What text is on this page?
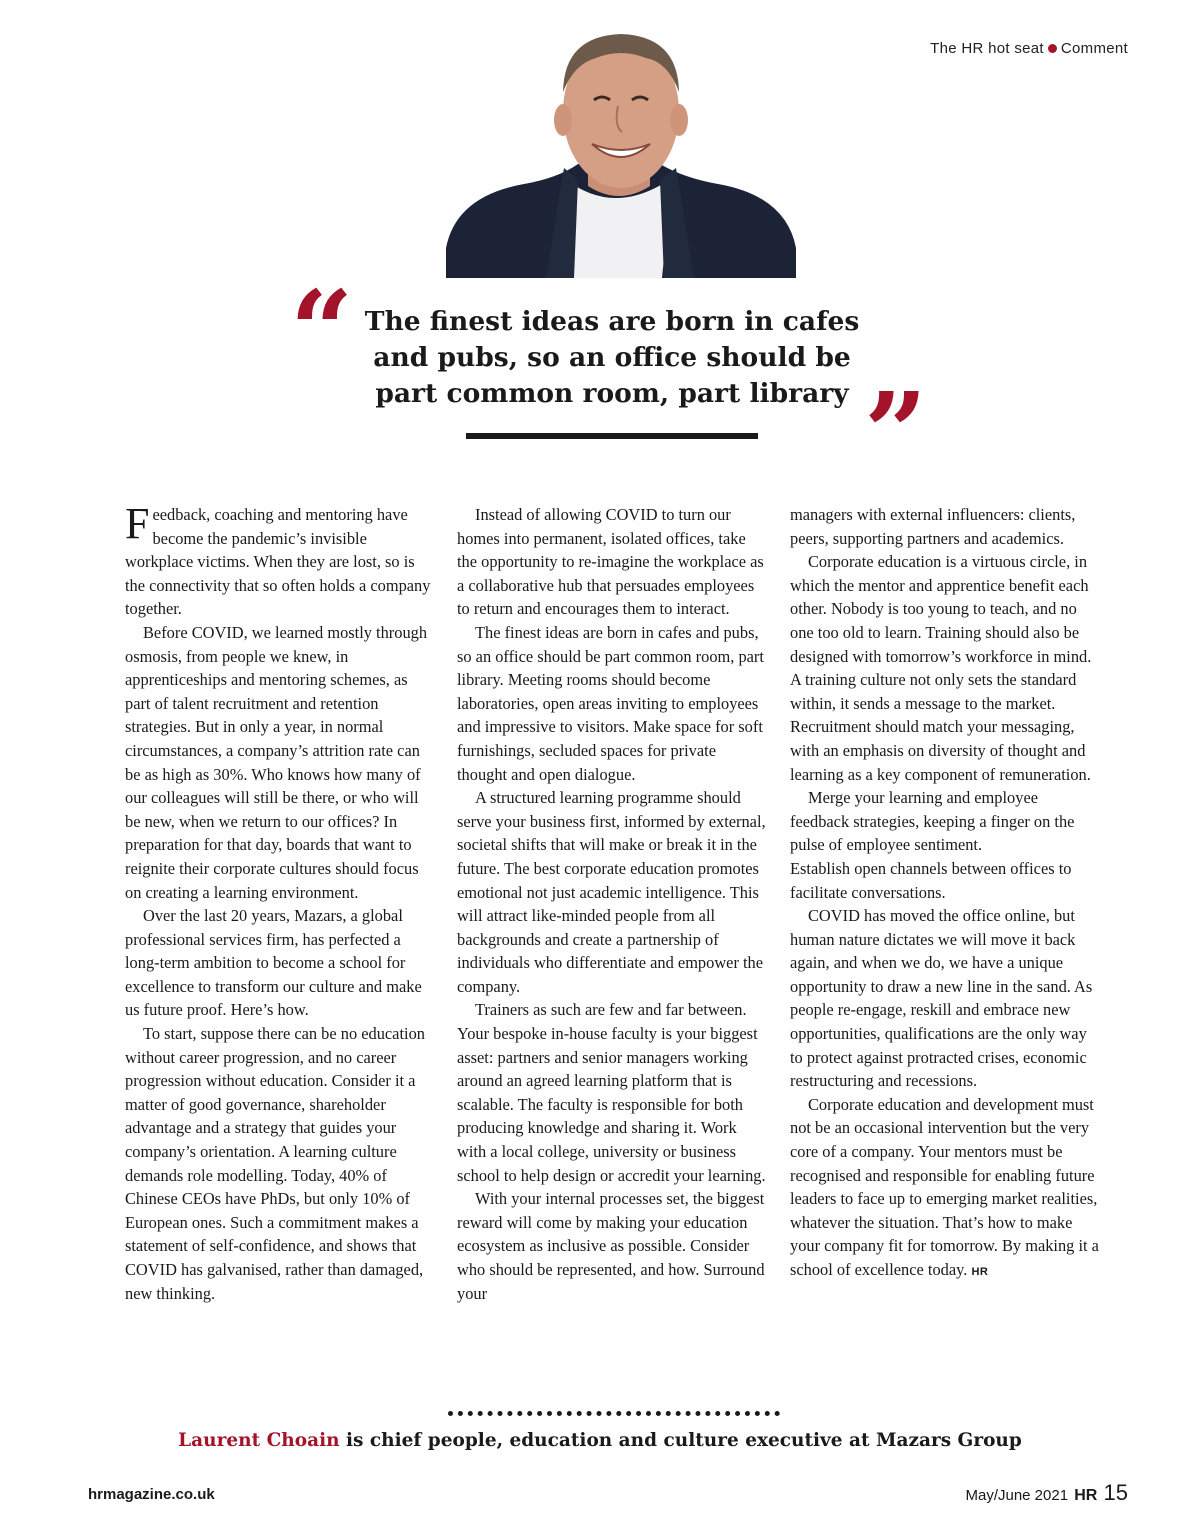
The HR hot seat Comment
“ The finest ideas are born in cafes and pubs, so an office should be part common room, part library ”

Feedback, coaching and mentoring have become the pandemic’s invisible workplace victims. When they are lost, so is the connectivity that so often holds a company together.

Before COVID, we learned mostly through osmosis, from people we knew, in apprenticeships and mentoring schemes, as part of talent recruitment and retention strategies. But in only a year, in normal circumstances, a company’s attrition rate can be as high as 30%. Who knows how many of our colleagues will still be there, or who will be new, when we return to our offices? In preparation for that day, boards that want to reignite their corporate cultures should focus on creating a learning environment.

Over the last 20 years, Mazars, a global professional services firm, has perfected a long-term ambition to become a school for excellence to transform our culture and make us future proof. Here’s how.

To start, suppose there can be no education without career progression, and no career progression without education. Consider it a matter of good governance, shareholder advantage and a strategy that guides your company’s orientation. A learning culture demands role modelling. Today, 40% of Chinese CEOs have PhDs, but only 10% of European ones. Such a commitment makes a statement of self-confidence, and shows that COVID has galvanised, rather than damaged, new thinking.

Instead of allowing COVID to turn our homes into permanent, isolated offices, take the opportunity to re-imagine the workplace as a collaborative hub that persuades employees to return and encourages them to interact.

The finest ideas are born in cafes and pubs, so an office should be part common room, part library. Meeting rooms should become laboratories, open areas inviting to employees and impressive to visitors. Make space for soft furnishings, secluded spaces for private thought and open dialogue.

A structured learning programme should serve your business first, informed by external, societal shifts that will make or break it in the future. The best corporate education promotes emotional not just academic intelligence. This will attract like-minded people from all backgrounds and create a partnership of individuals who differentiate and empower the company.

Trainers as such are few and far between. Your bespoke in-house faculty is your biggest asset: partners and senior managers working around an agreed learning platform that is scalable. The faculty is responsible for both producing knowledge and sharing it. Work with a local college, university or business school to help design or accredit your learning.

With your internal processes set, the biggest reward will come by making your education ecosystem as inclusive as possible. Consider who should be represented, and how. Surround your

managers with external influencers: clients, peers, supporting partners and academics.

Corporate education is a virtuous circle, in which the mentor and apprentice benefit each other. Nobody is too young to teach, and no one too old to learn. Training should also be designed with tomorrow’s workforce in mind. A training culture not only sets the standard within, it sends a message to the market. Recruitment should match your messaging, with an emphasis on diversity of thought and learning as a key component of remuneration.

Merge your learning and employee feedback strategies, keeping a finger on the pulse of employee sentiment.

Establish open channels between offices to facilitate conversations.

COVID has moved the office online, but human nature dictates we will move it back again, and when we do, we have a unique opportunity to draw a new line in the sand. As people re-engage, reskill and embrace new opportunities, qualifications are the only way to protect against protracted crises, economic restructuring and recessions.

Corporate education and development must not be an occasional intervention but the very core of a company. Your mentors must be recognised and responsible for enabling future leaders to face up to emerging market realities, whatever the situation. That’s how to make your company fit for tomorrow. By making it a school of excellence today. HR

Laurent Choain is chief people, education and culture executive at Mazars Group
hrmagazine.co.uk	May/June 2021 HR 15
